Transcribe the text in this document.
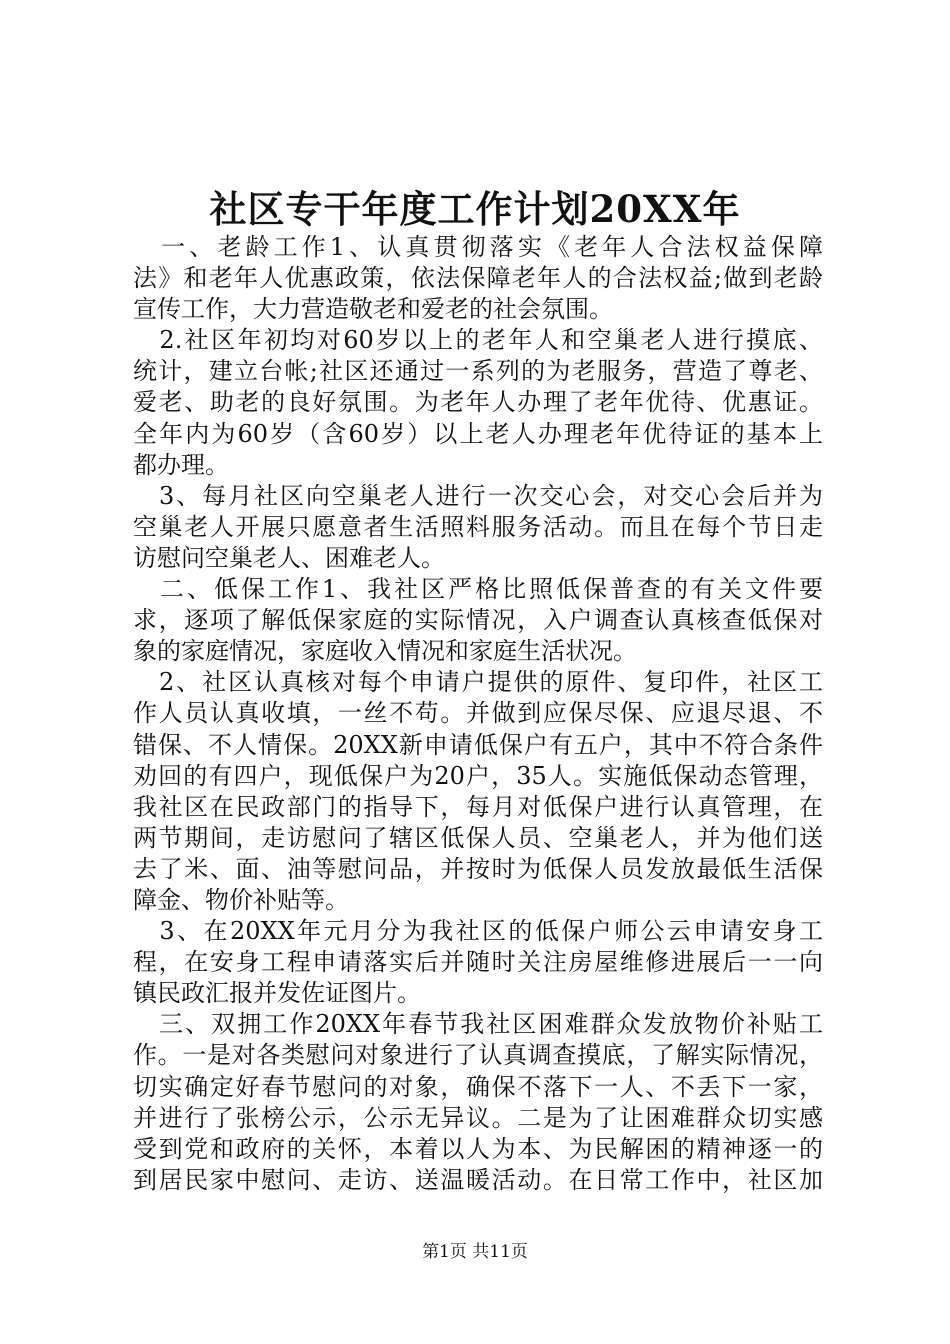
社区专干年度工作计划20XX年
　一、老龄工作1、认真贯彻落实《老年人合法权益保障
法》和老年人优惠政策，依法保障老年人的合法权益;做到老龄
宣传工作，大力营造敬老和爱老的社会氛围。
　2.社区年初均对60岁以上的老年人和空巢老人进行摸底、
统计，建立台帐;社区还通过一系列的为老服务，营造了尊老、
爱老、助老的良好氛围。为老年人办理了老年优待、优惠证。
全年内为60岁（含60岁）以上老人办理老年优待证的基本上
都办理。
　3、每月社区向空巢老人进行一次交心会，对交心会后并为
空巢老人开展只愿意者生活照料服务活动。而且在每个节日走
访慰问空巢老人、困难老人。
　二、低保工作1、我社区严格比照低保普查的有关文件要
求，逐项了解低保家庭的实际情况，入户调查认真核查低保对
象的家庭情况，家庭收入情况和家庭生活状况。
　2、社区认真核对每个申请户提供的原件、复印件，社区工
作人员认真收填，一丝不苟。并做到应保尽保、应退尽退、不
错保、不人情保。20XX新申请低保户有五户，其中不符合条件
劝回的有四户，现低保户为20户，35人。实施低保动态管理，
我社区在民政部门的指导下，每月对低保户进行认真管理，在
两节期间，走访慰问了辖区低保人员、空巢老人，并为他们送
去了米、面、油等慰问品，并按时为低保人员发放最低生活保
障金、物价补贴等。
　3、在20XX年元月分为我社区的低保户师公云申请安身工
程，在安身工程申请落实后并随时关注房屋维修进展后一一向
镇民政汇报并发佐证图片。
　三、双拥工作20XX年春节我社区困难群众发放物价补贴工
作。一是对各类慰问对象进行了认真调查摸底，了解实际情况，
切实确定好春节慰问的对象，确保不落下一人、不丢下一家，
并进行了张榜公示，公示无异议。二是为了让困难群众切实感
受到党和政府的关怀，本着以人为本、为民解困的精神逐一的
到居民家中慰问、走访、送温暖活动。在日常工作中，社区加
第1页 共11页
